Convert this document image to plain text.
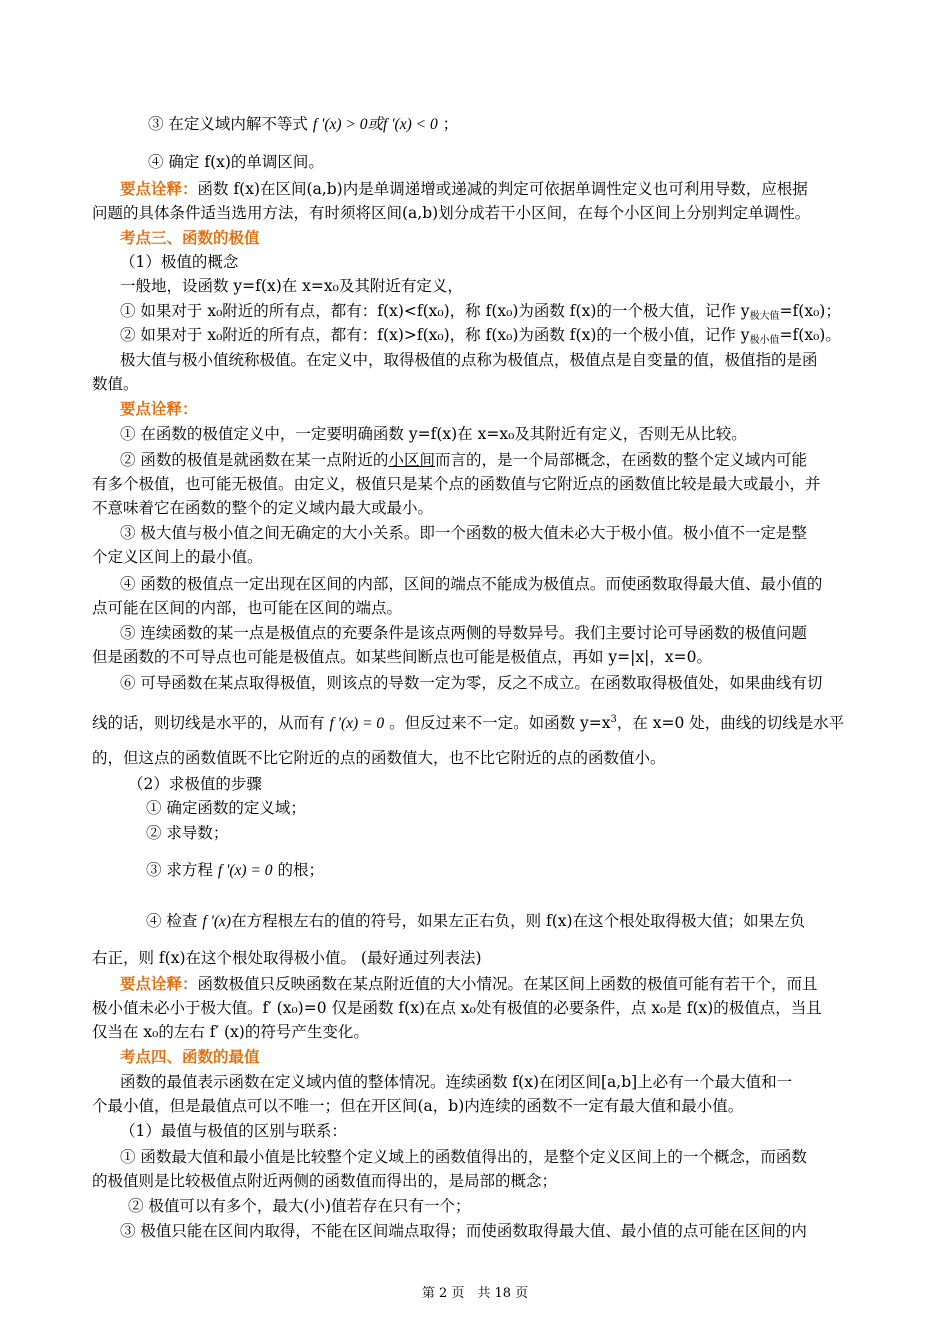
③ 在定义域内解不等式 f '(x) > 0或f '(x) < 0 ；
④ 确定 f(x)的单调区间。
要点诠释：函数 f(x)在区间(a,b)内是单调递增或递减的判定可依据单调性定义也可利用导数，应根据
问题的具体条件适当选用方法，有时须将区间(a,b)划分成若干小区间，在每个小区间上分别判定单调性。
考点三、函数的极值
（1）极值的概念
一般地，设函数 y=f(x)在 x=x₀及其附近有定义，
① 如果对于 x₀附近的所有点，都有：f(x)<f(x₀)，称 f(x₀)为函数 f(x)的一个极大值，记作 $y_{极大值}=f(x_0)$；
② 如果对于 x₀附近的所有点，都有：f(x)>f(x₀)，称 f(x₀)为函数 f(x)的一个极小值，记作 $y_{极小值}=f(x_0)$。
极大值与极小值统称极值。在定义中，取得极值的点称为极值点，极值点是自变量的值，极值指的是函
数值。
要点诠释：
① 在函数的极值定义中，一定要明确函数 y=f(x)在 x=x₀及其附近有定义，否则无从比较。
② 函数的极值是就函数在某一点附近的小区间而言的，是一个局部概念，在函数的整个定义域内可能
有多个极值，也可能无极值。由定义，极值只是某个点的函数值与它附近点的函数值比较是最大或最小，并
不意味着它在函数的整个的定义域内最大或最小。
③ 极大值与极小值之间无确定的大小关系。即一个函数的极大值未必大于极小值。极小值不一定是整
个定义区间上的最小值。
④ 函数的极值点一定出现在区间的内部，区间的端点不能成为极值点。而使函数取得最大值、最小值的
点可能在区间的内部，也可能在区间的端点。
⑤ 连续函数的某一点是极值点的充要条件是该点两侧的导数异号。我们主要讨论可导函数的极值问题
但是函数的不可导点也可能是极值点。如某些间断点也可能是极值点，再如 y=|x|，x=0。
⑥ 可导函数在某点取得极值，则该点的导数一定为零，反之不成立。在函数取得极值处，如果曲线有切
线的话，则切线是水平的，从而有 f '(x) = 0 。但反过来不一定。如函数 $y=x^3$，在 x=0 处，曲线的切线是水平
的，但这点的函数值既不比它附近的点的函数值大，也不比它附近的点的函数值小。
（2）求极值的步骤
① 确定函数的定义域；
② 求导数；
③ 求方程 f '(x) = 0 的根；
④ 检查 f '(x)在方程根左右的值的符号，如果左正右负，则 f(x)在这个根处取得极大值；如果左负
右正，则 f(x)在这个根处取得极小值。 (最好通过列表法)
要点诠释：函数极值只反映函数在某点附近值的大小情况。在某区间上函数的极值可能有若干个，而且
极小值未必小于极大值。f′ (x₀)=0 仅是函数 f(x)在点 x₀处有极值的必要条件，点 x₀是 f(x)的极值点，当且
仅当在 x₀的左右 f′ (x)的符号产生变化。
考点四、函数的最值
函数的最值表示函数在定义域内值的整体情况。连续函数 f(x)在闭区间[a,b]上必有一个最大值和一
个最小值，但是最值点可以不唯一；但在开区间(a，b)内连续的函数不一定有最大值和最小值。
（1）最值与极值的区别与联系：
① 函数最大值和最小值是比较整个定义域上的函数值得出的，是整个定义区间上的一个概念，而函数
的极值则是比较极值点附近两侧的函数值而得出的，是局部的概念；
② 极值可以有多个，最大(小)值若存在只有一个；
③ 极值只能在区间内取得，不能在区间端点取得；而使函数取得最大值、最小值的点可能在区间的内
第 2 页　共 18 页
